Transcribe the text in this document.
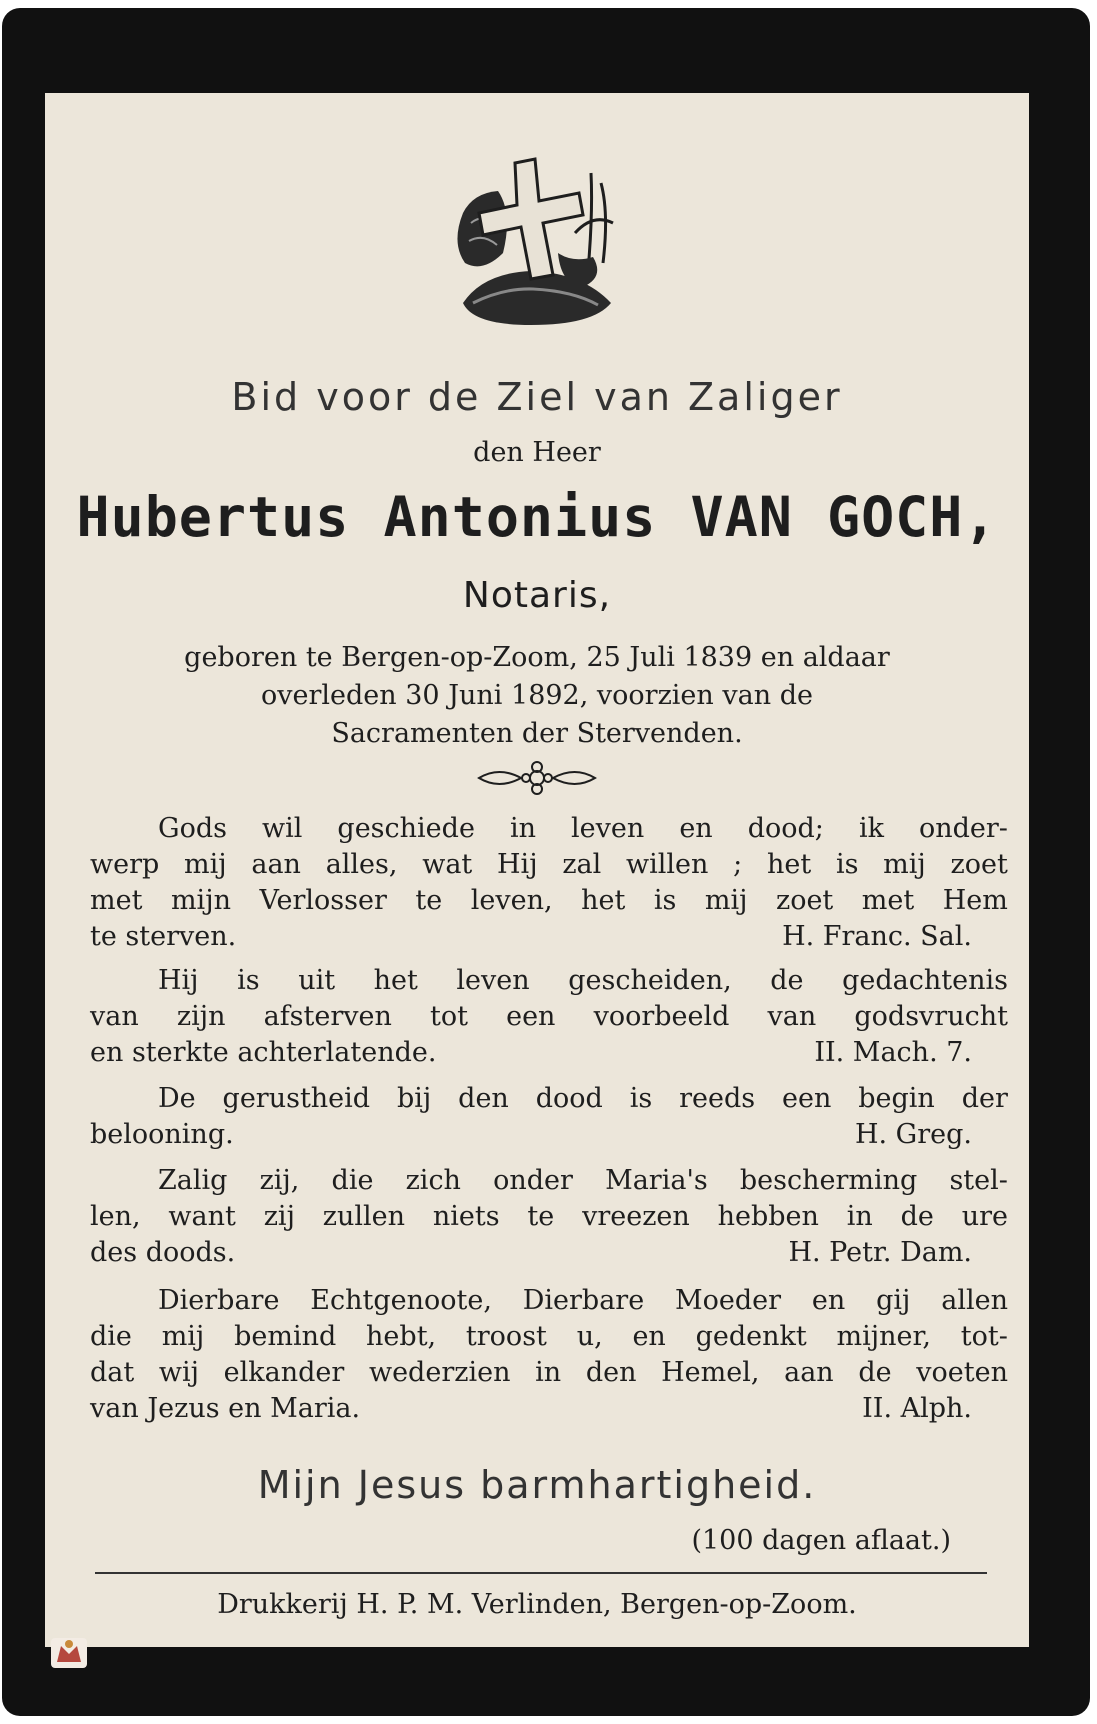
Bid voor de Ziel van Zaliger
den Heer
Hubertus Antonius VAN GOCH,
Notaris,
geboren te Bergen-op-Zoom, 25 Juli 1839 en aldaar
overleden 30 Juni 1892, voorzien van de
Sacramenten der Stervenden.
Gods wil geschiede in leven en dood; ik onder-
werp mij aan alles, wat Hij zal willen ; het is mij zoet
met mijn Verlosser te leven, het is mij zoet met Hem
te sterven.	H. Franc. Sal.
Hij is uit het leven gescheiden, de gedachtenis
van zijn afsterven tot een voorbeeld van godsvrucht
en sterkte achterlatende.	II. Mach. 7.
De gerustheid bij den dood is reeds een begin der
belooning.	H. Greg.
Zalig zij, die zich onder Maria's bescherming stel-
len, want zij zullen niets te vreezen hebben in de ure
des doods.	H. Petr. Dam.
Dierbare Echtgenoote, Dierbare Moeder en gij allen
die mij bemind hebt, troost u, en gedenkt mijner, tot-
dat wij elkander wederzien in den Hemel, aan de voeten
van Jezus en Maria.	II. Alph.
Mijn Jesus barmhartigheid.
(100 dagen aflaat.)
Drukkerij H. P. M. Verlinden, Bergen-op-Zoom.
